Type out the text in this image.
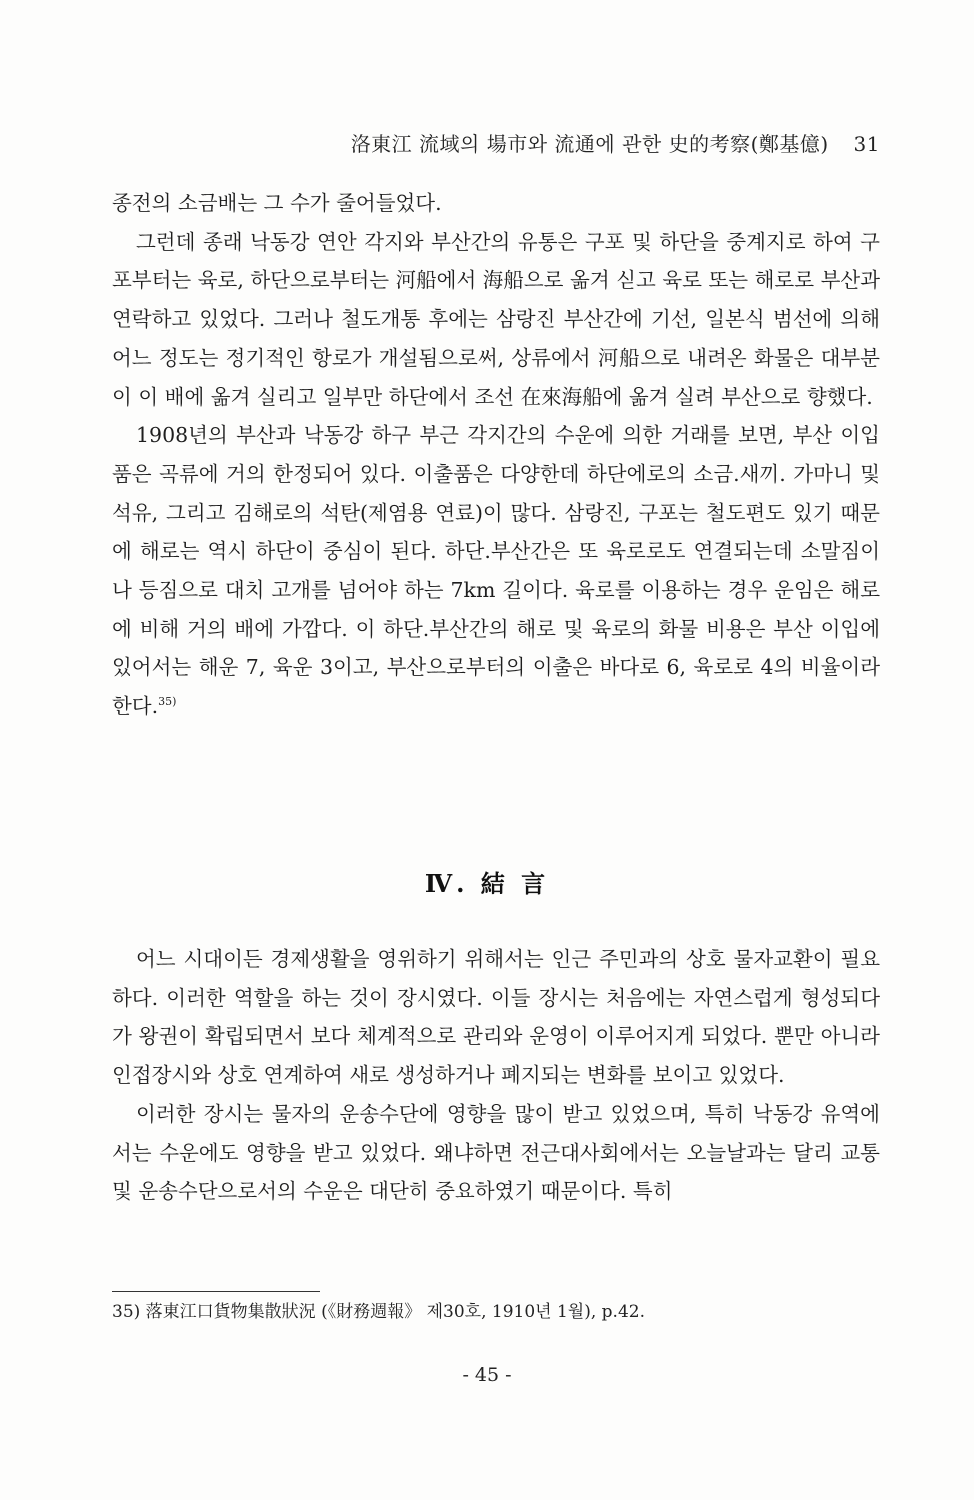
洛東江 流域의 場市와 流通에 관한 史的考察(鄭基億) 31

종전의 소금배는 그 수가 줄어들었다.

그런데 종래 낙동강 연안 각지와 부산간의 유통은 구포 및 하단을 중계지로 하여 구포부터는 육로, 하단으로부터는 河船에서 海船으로 옮겨 싣고 육로 또는 해로로 부산과 연락하고 있었다. 그러나 철도개통 후에는 삼랑진 부산간에 기선, 일본식 범선에 의해 어느 정도는 정기적인 항로가 개설됨으로써, 상류에서 河船으로 내려온 화물은 대부분이 이 배에 옮겨 실리고 일부만 하단에서 조선 在來海船에 옮겨 실려 부산으로 향했다.

1908년의 부산과 낙동강 하구 부근 각지간의 수운에 의한 거래를 보면, 부산 이입품은 곡류에 거의 한정되어 있다. 이출품은 다양한데 하단에로의 소금.새끼. 가마니 및 석유, 그리고 김해로의 석탄(제염용 연료)이 많다. 삼랑진, 구포는 철도편도 있기 때문에 해로는 역시 하단이 중심이 된다. 하단.부산간은 또 육로로도 연결되는데 소말짐이나 등짐으로 대치 고개를 넘어야 하는 7km 길이다. 육로를 이용하는 경우 운임은 해로에 비해 거의 배에 가깝다. 이 하단.부산간의 해로 및 육로의 화물 비용은 부산 이입에 있어서는 해운 7, 육운 3이고, 부산으로부터의 이출은 바다로 6, 육로로 4의 비율이라 한다.$^{35)}$

Ⅳ. 結 言

어느 시대이든 경제생활을 영위하기 위해서는 인근 주민과의 상호 물자교환이 필요하다. 이러한 역할을 하는 것이 장시였다. 이들 장시는 처음에는 자연스럽게 형성되다가 왕권이 확립되면서 보다 체계적으로 관리와 운영이 이루어지게 되었다. 뿐만 아니라 인접장시와 상호 연계하여 새로 생성하거나 폐지되는 변화를 보이고 있었다.

이러한 장시는 물자의 운송수단에 영향을 많이 받고 있었으며, 특히 낙동강 유역에서는 수운에도 영향을 받고 있었다. 왜냐하면 전근대사회에서는 오늘날과는 달리 교통 및 운송수단으로서의 수운은 대단히 중요하였기 때문이다. 특히

35) 落東江口貨物集散狀況 (《財務週報》 제30호, 1910년 1월), p.42.
- 45 -
